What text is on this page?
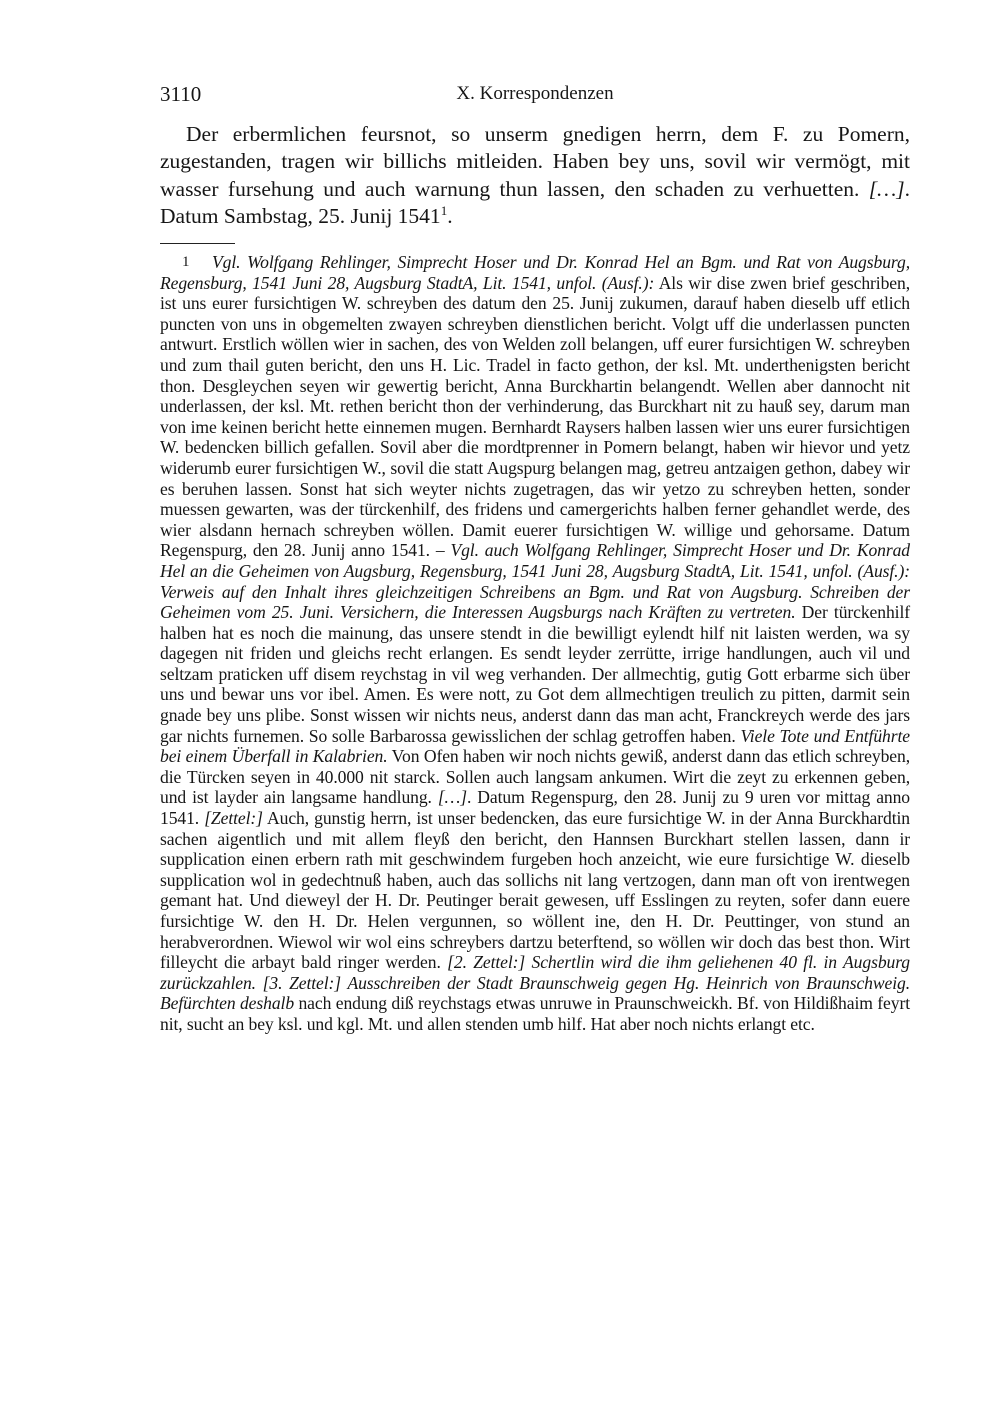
3110	X. Korrespondenzen

Der erbermlichen feursnot, so unserm gnedigen herrn, dem F. zu Pomern, zugestanden, tragen wir billichs mitleiden. Haben bey uns, sovil wir vermögt, mit wasser fursehung und auch warnung thun lassen, den schaden zu verhuetten. […]. Datum Sambstag, 25. Junij 1541$^1$.

1 Vgl. Wolfgang Rehlinger, Simprecht Hoser und Dr. Konrad Hel an Bgm. und Rat von Augsburg, Regensburg, 1541 Juni 28, Augsburg StadtA, Lit. 1541, unfol. (Ausf.): Als wir dise zwen brief geschriben, ist uns eurer fursichtigen W. schreyben des datum den 25. Junij zukumen, darauf haben dieselb uff etlich puncten von uns in obgemelten zwayen schreyben dienstlichen bericht. Volgt uff die underlassen puncten antwurt. Erstlich wöllen wier in sachen, des von Welden zoll belangen, uff eurer fursichtigen W. schreyben und zum thail guten bericht, den uns H. Lic. Tradel in facto gethon, der ksl. Mt. underthenigsten bericht thon. Desgleychen seyen wir gewertig bericht, Anna Burckhartin belangendt. Wellen aber dannocht nit underlassen, der ksl. Mt. rethen bericht thon der verhinderung, das Burckhart nit zu hauß sey, darum man von ime keinen bericht hette einnemen mugen. Bernhardt Raysers halben lassen wier uns eurer fursichtigen W. bedencken billich gefallen. Sovil aber die mordtprenner in Pomern belangt, haben wir hievor und yetz widerumb eurer fursichtigen W., sovil die statt Augspurg belangen mag, getreu antzaigen gethon, dabey wir es beruhen lassen. Sonst hat sich weyter nichts zugetragen, das wir yetzo zu schreyben hetten, sonder muessen gewarten, was der türckenhilf, des fridens und camergerichts halben ferner gehandlet werde, des wier alsdann hernach schreyben wöllen. Damit euerer fursichtigen W. willige und gehorsame. Datum Regenspurg, den 28. Junij anno 1541. – Vgl. auch Wolfgang Rehlinger, Simprecht Hoser und Dr. Konrad Hel an die Geheimen von Augsburg, Regensburg, 1541 Juni 28, Augsburg StadtA, Lit. 1541, unfol. (Ausf.): Verweis auf den Inhalt ihres gleichzeitigen Schreibens an Bgm. und Rat von Augsburg. Schreiben der Geheimen vom 25. Juni. Versichern, die Interessen Augsburgs nach Kräften zu vertreten. Der türckenhilf halben hat es noch die mainung, das unsere stendt in die bewilligt eylendt hilf nit laisten werden, wa sy dagegen nit friden und gleichs recht erlangen. Es sendt leyder zerrütte, irrige handlungen, auch vil und seltzam praticken uff disem reychstag in vil weg verhanden. Der allmechtig, gutig Gott erbarme sich über uns und bewar uns vor ibel. Amen. Es were nott, zu Got dem allmechtigen treulich zu pitten, darmit sein gnade bey uns plibe. Sonst wissen wir nichts neus, anderst dann das man acht, Franckreych werde des jars gar nichts furnemen. So solle Barbarossa gewisslichen der schlag getroffen haben. Viele Tote und Entführte bei einem Überfall in Kalabrien. Von Ofen haben wir noch nichts gewiß, anderst dann das etlich schreyben, die Türcken seyen in 40.000 nit starck. Sollen auch langsam ankumen. Wirt die zeyt zu erkennen geben, und ist layder ain langsame handlung. […]. Datum Regenspurg, den 28. Junij zu 9 uren vor mittag anno 1541. [Zettel:] Auch, gunstig herrn, ist unser bedencken, das eure fursichtige W. in der Anna Burckhardtin sachen aigentlich und mit allem fleyß den bericht, den Hannsen Burckhart stellen lassen, dann ir supplication einen erbern rath mit geschwindem furgeben hoch anzeicht, wie eure fursichtige W. dieselb supplication wol in gedechtnuß haben, auch das sollichs nit lang vertzogen, dann man oft von irentwegen gemant hat. Und dieweyl der H. Dr. Peutinger berait gewesen, uff Esslingen zu reyten, sofer dann euere fursichtige W. den H. Dr. Helen vergunnen, so wöllent ine, den H. Dr. Peuttinger, von stund an herabverordnen. Wiewol wir wol eins schreybers dartzu beterftend, so wöllen wir doch das best thon. Wirt filleycht die arbayt bald ringer werden. [2. Zettel:] Schertlin wird die ihm geliehenen 40 fl. in Augsburg zurückzahlen. [3. Zettel:] Ausschreiben der Stadt Braunschweig gegen Hg. Heinrich von Braunschweig. Befürchten deshalb nach endung diß reychstags etwas unruwe in Praunschweickh. Bf. von Hildißhaim feyrt nit, sucht an bey ksl. und kgl. Mt. und allen stenden umb hilf. Hat aber noch nichts erlangt etc.
